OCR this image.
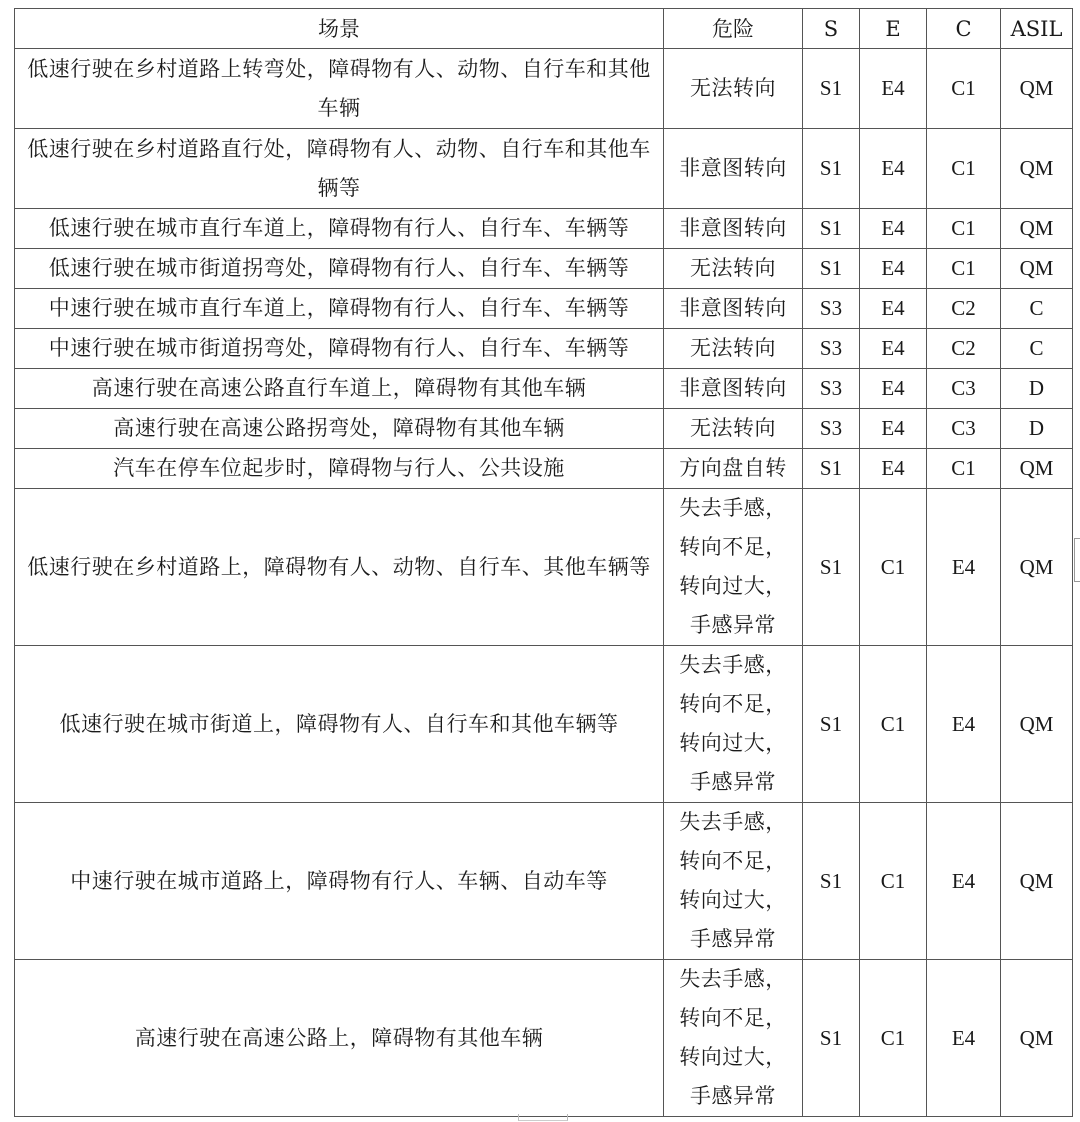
场景	危险	S	E	C	ASIL
低速行驶在乡村道路上转弯处，障碍物有人、动物、自行车和其他车辆	无法转向	S1	E4	C1	QM
低速行驶在乡村道路直行处，障碍物有人、动物、自行车和其他车辆等	非意图转向	S1	E4	C1	QM
低速行驶在城市直行车道上，障碍物有行人、自行车、车辆等	非意图转向	S1	E4	C1	QM
低速行驶在城市街道拐弯处，障碍物有行人、自行车、车辆等	无法转向	S1	E4	C1	QM
中速行驶在城市直行车道上，障碍物有行人、自行车、车辆等	非意图转向	S3	E4	C2	C
中速行驶在城市街道拐弯处，障碍物有行人、自行车、车辆等	无法转向	S3	E4	C2	C
高速行驶在高速公路直行车道上，障碍物有其他车辆	非意图转向	S3	E4	C3	D
高速行驶在高速公路拐弯处，障碍物有其他车辆	无法转向	S3	E4	C3	D
汽车在停车位起步时，障碍物与行人、公共设施	方向盘自转	S1	E4	C1	QM
低速行驶在乡村道路上，障碍物有人、动物、自行车、其他车辆等	失去手感，
转向不足，
转向过大，
手感异常	S1	C1	E4	QM
低速行驶在城市街道上，障碍物有人、自行车和其他车辆等	失去手感，
转向不足，
转向过大，
手感异常	S1	C1	E4	QM
中速行驶在城市道路上，障碍物有行人、车辆、自动车等	失去手感，
转向不足，
转向过大，
手感异常	S1	C1	E4	QM
高速行驶在高速公路上，障碍物有其他车辆	失去手感，
转向不足，
转向过大，
手感异常	S1	C1	E4	QM
